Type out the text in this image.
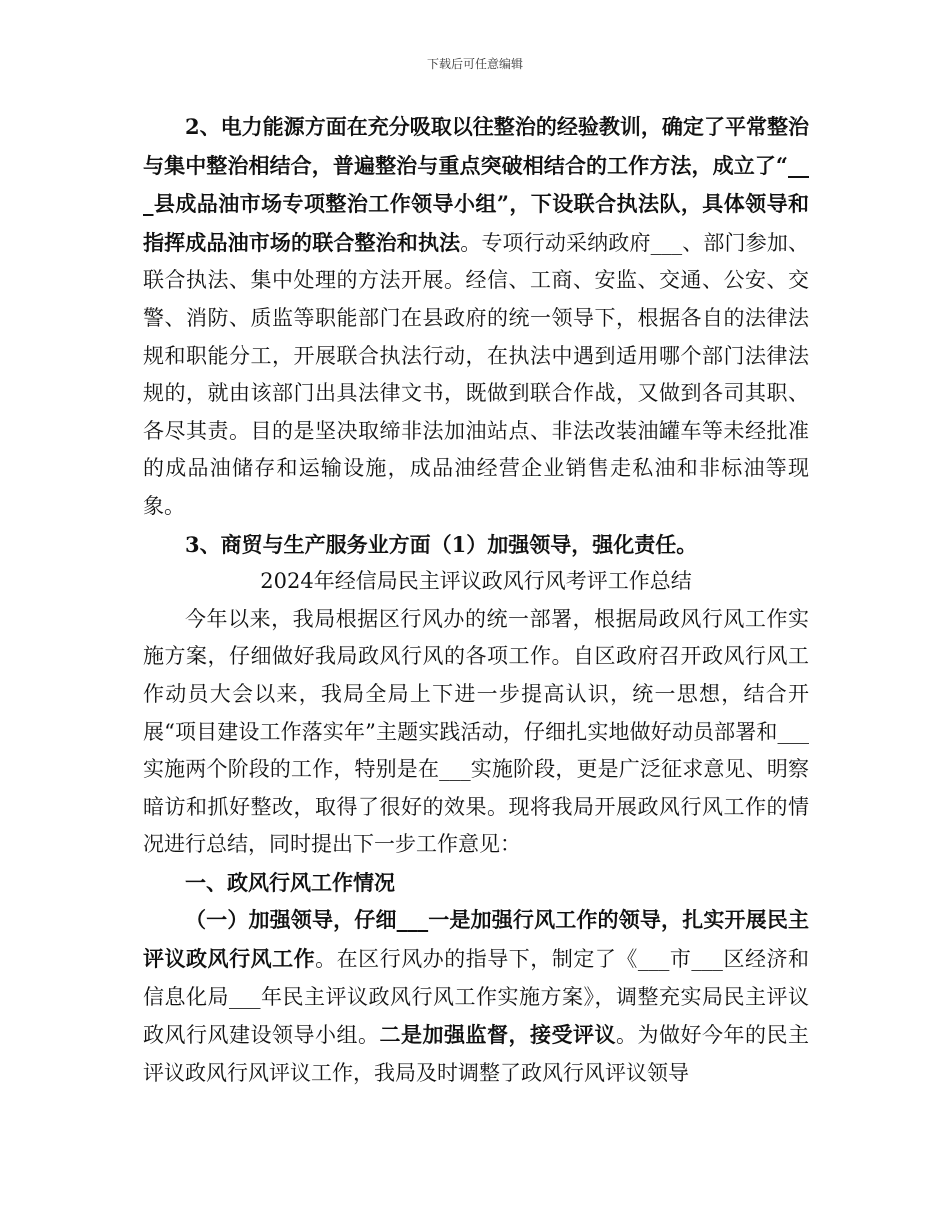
下载后可任意编辑

2、电力能源方面在充分吸取以往整治的经验教训，确定了平常整治与集中整治相结合，普遍整治与重点突破相结合的工作方法，成立了“___县成品油市场专项整治工作领导小组”，下设联合执法队，具体领导和指挥成品油市场的联合整治和执法。专项行动采纳政府___、部门参加、联合执法、集中处理的方法开展。经信、工商、安监、交通、公安、交警、消防、质监等职能部门在县政府的统一领导下，根据各自的法律法规和职能分工，开展联合执法行动，在执法中遇到适用哪个部门法律法规的，就由该部门出具法律文书，既做到联合作战，又做到各司其职、各尽其责。目的是坚决取缔非法加油站点、非法改装油罐车等未经批准的成品油储存和运输设施，成品油经营企业销售走私油和非标油等现象。

3、商贸与生产服务业方面（1）加强领导，强化责任。

2024年经信局民主评议政风行风考评工作总结

今年以来，我局根据区行风办的统一部署，根据局政风行风工作实施方案，仔细做好我局政风行风的各项工作。自区政府召开政风行风工作动员大会以来，我局全局上下进一步提高认识，统一思想，结合开展“项目建设工作落实年”主题实践活动，仔细扎实地做好动员部署和___实施两个阶段的工作，特别是在___实施阶段，更是广泛征求意见、明察暗访和抓好整改，取得了很好的效果。现将我局开展政风行风工作的情况进行总结，同时提出下一步工作意见：

一、政风行风工作情况

（一）加强领导，仔细___一是加强行风工作的领导，扎实开展民主评议政风行风工作。在区行风办的指导下，制定了《___市___区经济和信息化局___年民主评议政风行风工作实施方案》，调整充实局民主评议政风行风建设领导小组。二是加强监督，接受评议。为做好今年的民主评议政风行风评议工作，我局及时调整了政风行风评议领导
